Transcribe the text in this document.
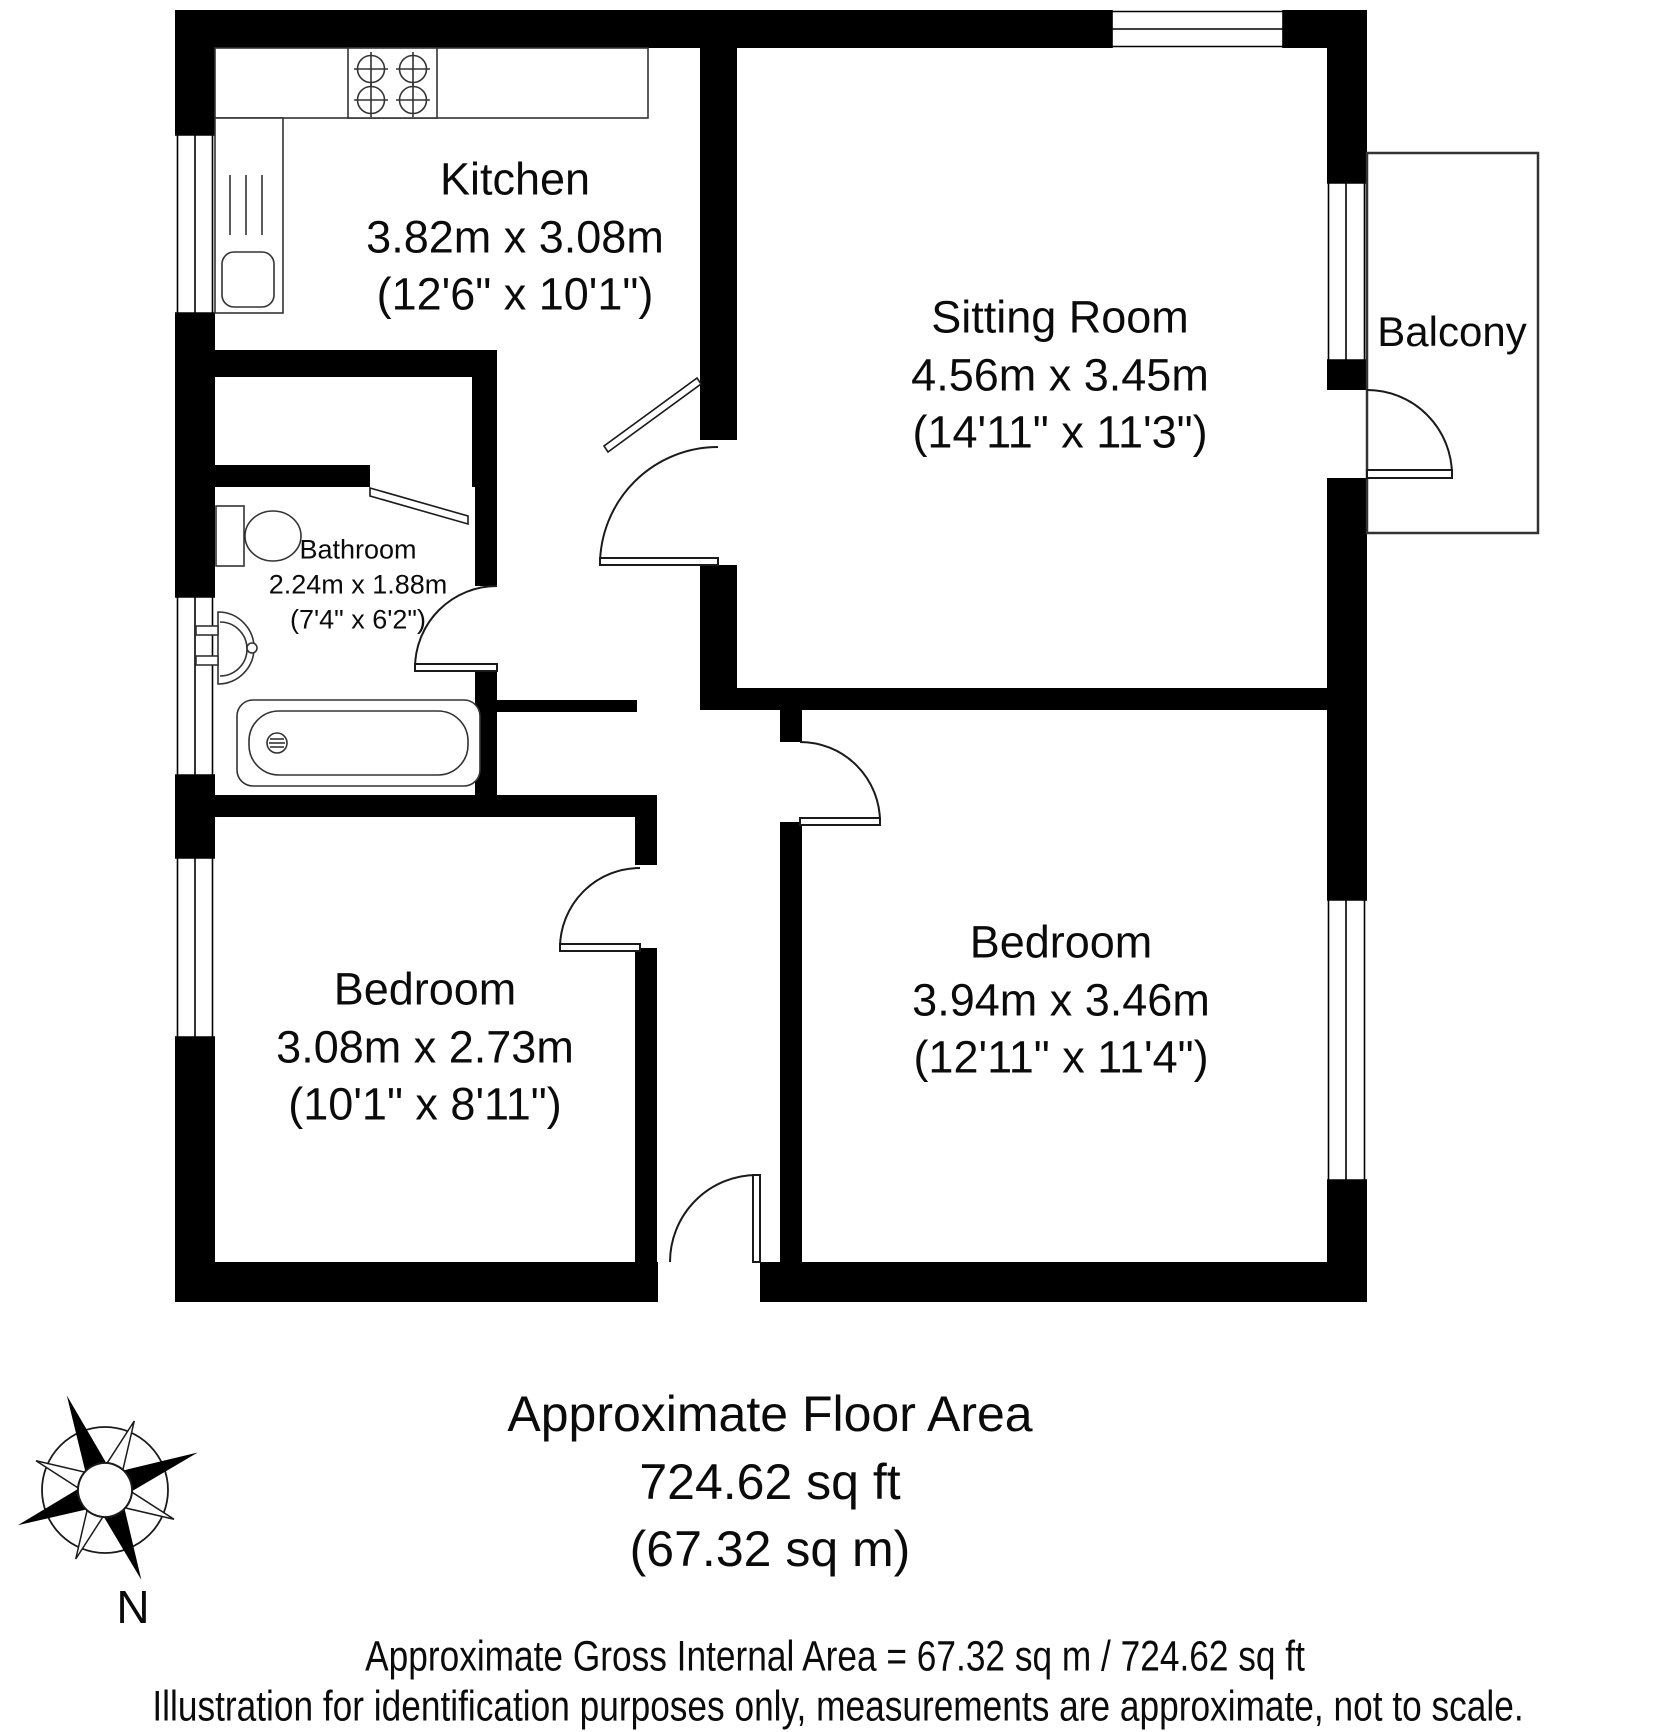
N
Kitchen
3.82m x 3.08m
(12'6" x 10'1")	Sitting Room
4.56m x 3.45m
(14'11" x 11'3")
Bathroom
2.24m x 1.88m
(7'4" x 6'2")
Bedroom
3.08m x 2.73m
(10'1" x 8'11")
Bedroom
3.94m x 3.46m
(12'11" x 11'4")
Balcony
Approximate Floor Area
724.62 sq ft
(67.32 sq m)
Approximate Gross Internal Area = 67.32 sq m / 724.62 sq ft
Illustration for identification purposes only, measurements are approximate, not to scale.
